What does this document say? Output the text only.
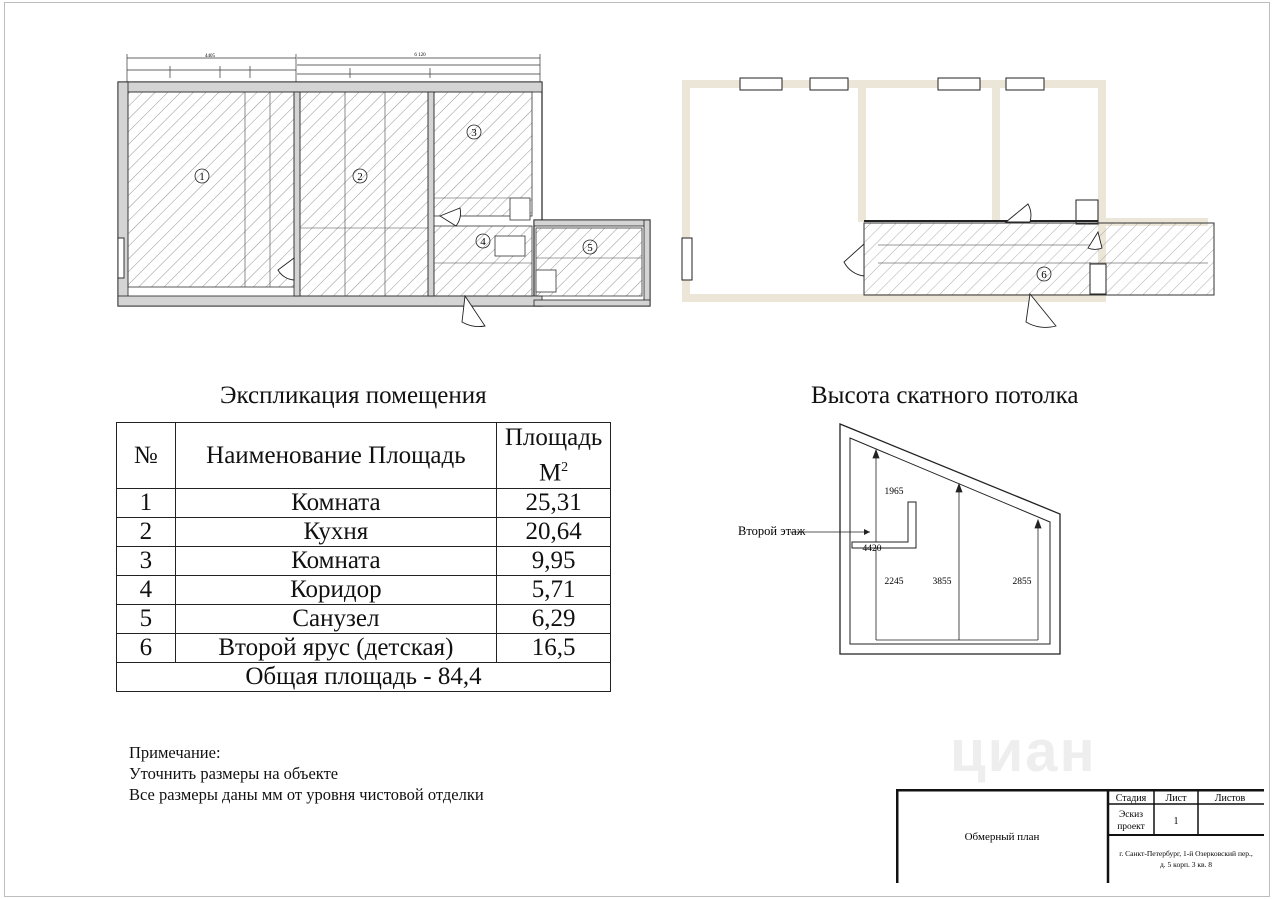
4405	6 120
1	2
3
4	5
6
Экспликация помещения
№	Наименование Площадь	Площадь
$М^2$
1	Комната	25,31
2	Кухня	20,64
3	Комната	9,95
4	Коридор	5,71
5	Санузел	6,29
6	Второй ярус (детская)	16,5
Общая площадь - 84,4		
Высота скатного потолка
1965
4420
2245	3855	2855
Второй этаж
Примечание:
Уточнить размеры на объекте
Все размеры даны мм от уровня чистовой отделки
циан
Обмерный план
Стадия Лист	Листов
Эскиз
проект	1
г. Санкт-Петербург, 1-й Озерковский пер.,
д. 5 корп. 3 кв. 8
